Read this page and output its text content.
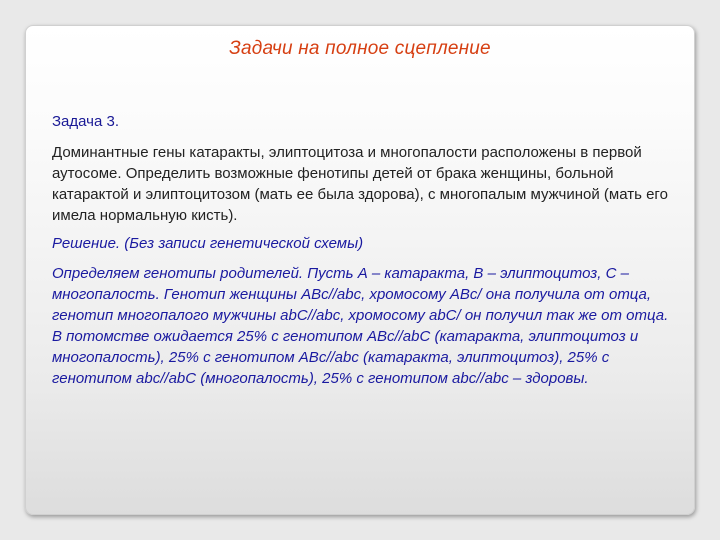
Задачи на полное сцепление

Задача 3.

Доминантные гены катаракты, элиптоцитоза и многопалости расположены в первой аутосоме. Определить возможные фенотипы детей от брака женщины, больной катарактой и элиптоцитозом (мать ее была здорова), с многопалым мужчиной (мать его имела нормальную кисть).

Решение. (Без записи генетической схемы)

Определяем генотипы родителей. Пусть А – катаракта, В – элиптоцитоз, С – многопалость. Генотип женщины АВс//abc, хромосому АВс/ она получила от отца, генотип многопалого мужчины abC//abc, хромосому abC/ он получил так же от отца. В потомстве ожидается 25% с генотипом АВс//abC (катаракта, элиптоцитоз и многопалость), 25% с генотипом АВс//abc (катаракта, элиптоцитоз), 25% с генотипом abc//abC (многопалость), 25% с генотипом abc//abc – здоровы.
